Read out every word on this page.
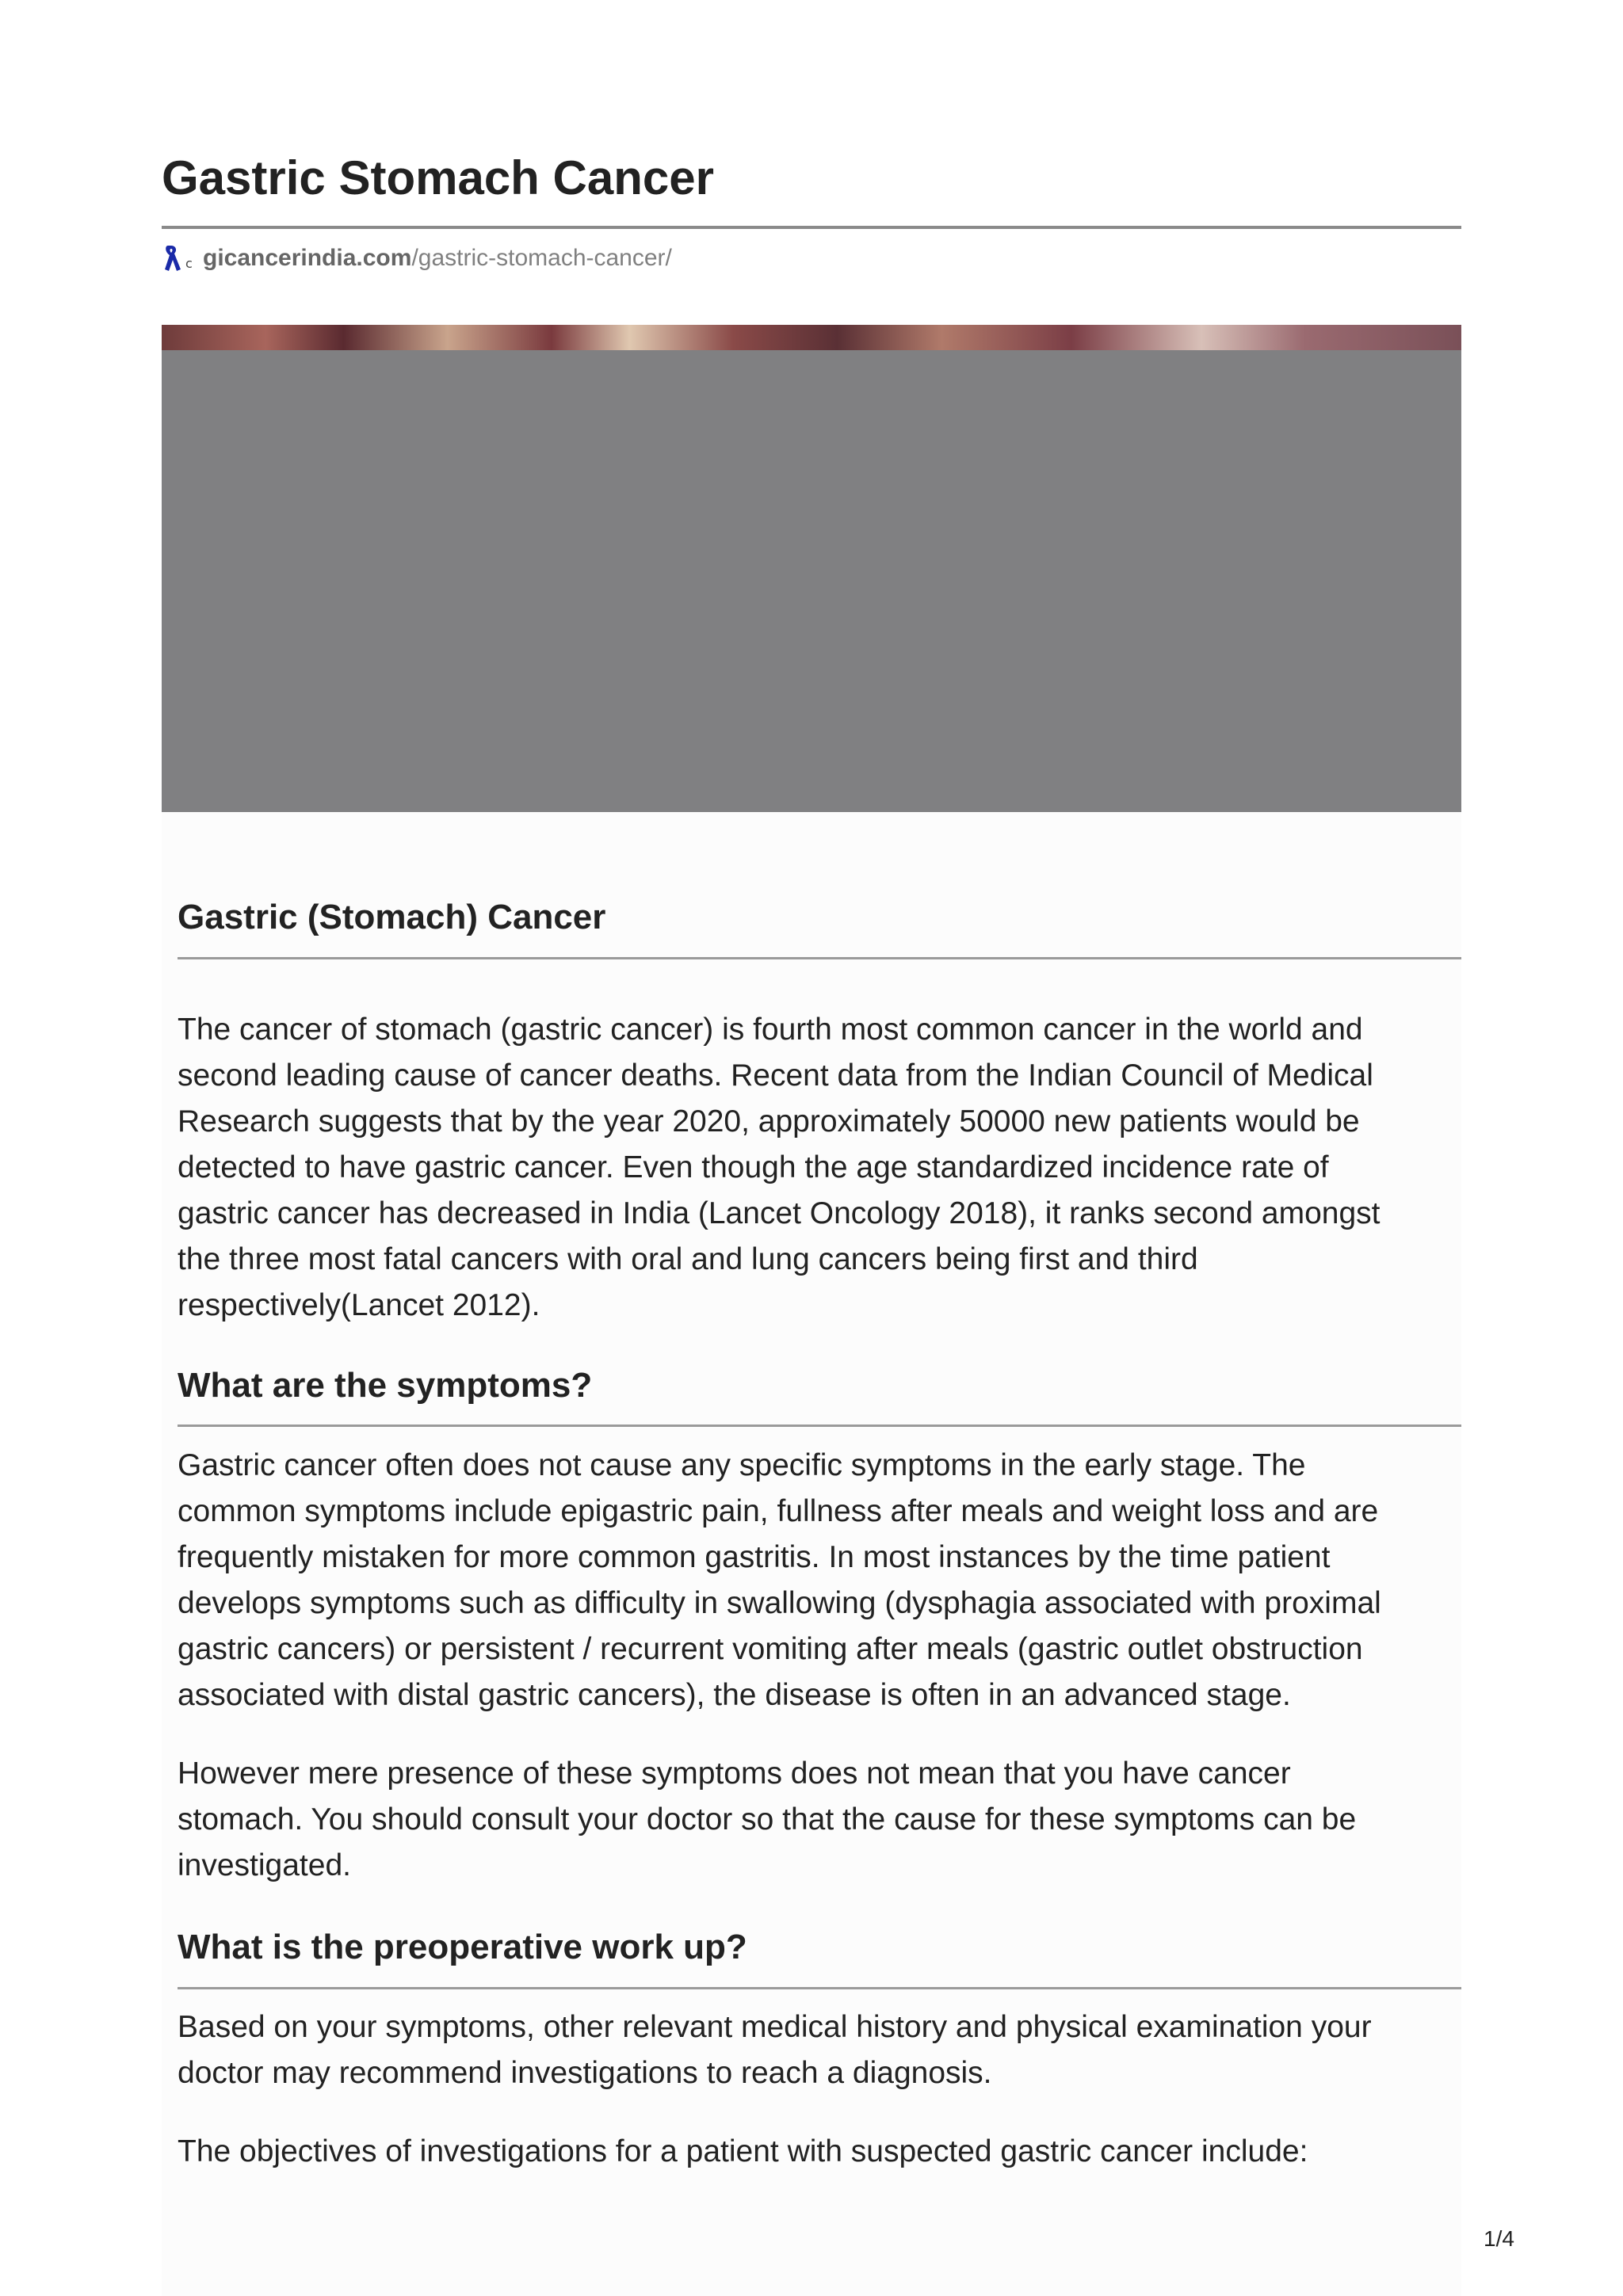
Gastric Stomach Cancer
c gicancerindia.com /gastric-stomach-cancer/
Gastric (Stomach) Cancer

The cancer of stomach (gastric cancer) is fourth most common cancer in the world and
second leading cause of cancer deaths. Recent data from the Indian Council of Medical
Research suggests that by the year 2020, approximately 50000 new patients would be
detected to have gastric cancer. Even though the age standardized incidence rate of
gastric cancer has decreased in India (Lancet Oncology 2018), it ranks second amongst
the three most fatal cancers with oral and lung cancers being first and third
respectively(Lancet 2012).

What are the symptoms?

Gastric cancer often does not cause any specific symptoms in the early stage. The
common symptoms include epigastric pain, fullness after meals and weight loss and are
frequently mistaken for more common gastritis. In most instances by the time patient
develops symptoms such as difficulty in swallowing (dysphagia associated with proximal
gastric cancers) or persistent / recurrent vomiting after meals (gastric outlet obstruction
associated with distal gastric cancers), the disease is often in an advanced stage.

However mere presence of these symptoms does not mean that you have cancer
stomach. You should consult your doctor so that the cause for these symptoms can be
investigated.

What is the preoperative work up?

Based on your symptoms, other relevant medical history and physical examination your
doctor may recommend investigations to reach a diagnosis.

The objectives of investigations for a patient with suspected gastric cancer include:

1/4
